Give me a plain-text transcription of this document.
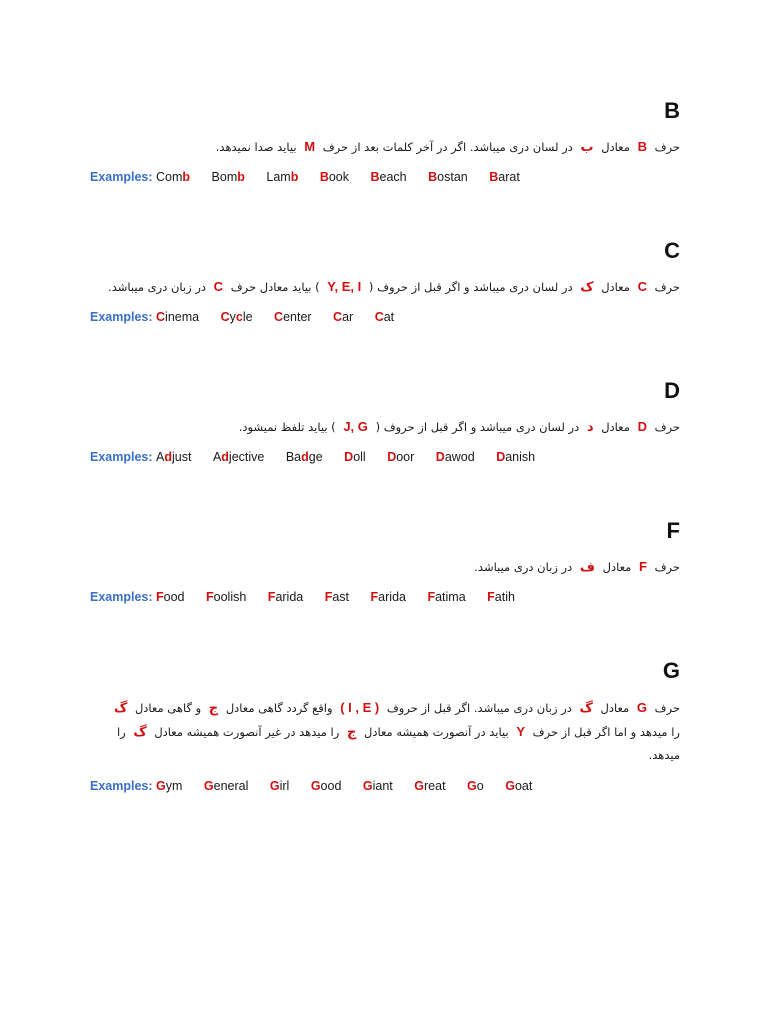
B
حرف B معادل ب در لسان دری میباشد. اگر در آخر کلمات بعد از حرف M بیاید صدا نمیدهد.
Examples: Comb Bomb Lamb Book Beach Bostan Barat
C
حرف C معادل ک در لسان دری میباشد و اگر قبل از حروف ( Y, E, I ) بیاید معادل حرف C در زبان دری میباشد.
Examples: Cinema Cycle Center Car Cat
D
حرف D معادل د در لسان دری میباشد و اگر قبل از حروف ( J, G ) بیاید تلفظ نمیشود.
Examples: Adjust Adjective Badge Doll Door Dawod Danish
F
حرف F معادل ف در زبان دری میباشد.
Examples: Food Foolish Farida Fast Farida Fatima Fatih
G
حرف G معادل گ در زبان دری میباشد. اگر قبل از حروف ( I , E ) واقع گردد گاهی معادل ج و گاهی معادل گ
را میدهد و اما اگر قبل از حرف Y بیاید در آنصورت همیشه معادل ج را میدهد در غیر آنصورت همیشه معادل گ را میدهد.
Examples: Gym General Girl Good Giant Great Go Goat
